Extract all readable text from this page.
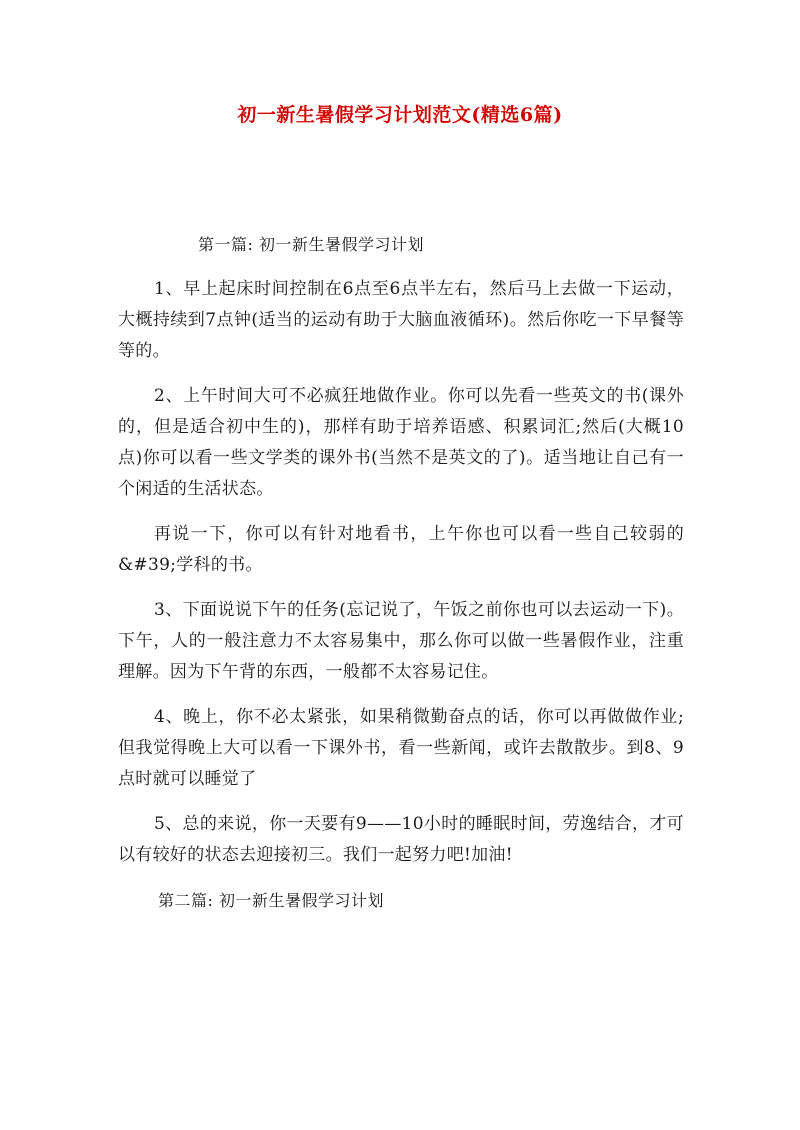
初一新生暑假学习计划范文(精选6篇)

第一篇: 初一新生暑假学习计划

1、早上起床时间控制在6点至6点半左右，然后马上去做一下运动，大概持续到7点钟(适当的运动有助于大脑血液循环)。然后你吃一下早餐等等的。

2、上午时间大可不必疯狂地做作业。你可以先看一些英文的书(课外的，但是适合初中生的)，那样有助于培养语感、积累词汇;然后(大概10点)你可以看一些文学类的课外书(当然不是英文的了)。适当地让自己有一个闲适的生活状态。

再说一下，你可以有针对地看书，上午你也可以看一些自己较弱的&#39;学科的书。

3、下面说说下午的任务(忘记说了，午饭之前你也可以去运动一下)。下午，人的一般注意力不太容易集中，那么你可以做一些暑假作业，注重理解。因为下午背的东西，一般都不太容易记住。

4、晚上，你不必太紧张，如果稍微勤奋点的话，你可以再做做作业;但我觉得晚上大可以看一下课外书，看一些新闻，或许去散散步。到8、9点时就可以睡觉了

5、总的来说，你一天要有9——10小时的睡眠时间，劳逸结合，才可以有较好的状态去迎接初三。我们一起努力吧!加油!

第二篇: 初一新生暑假学习计划
